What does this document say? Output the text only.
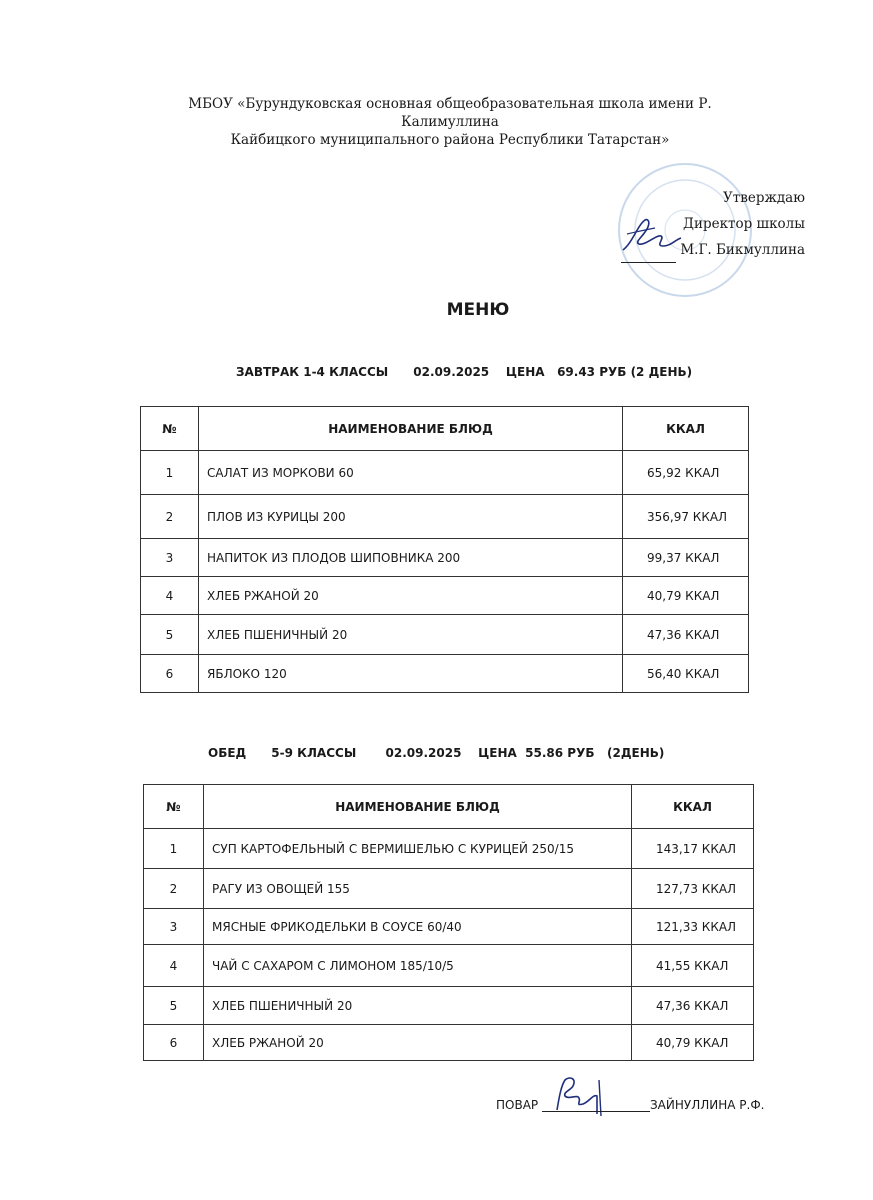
МБОУ «Бурундуковская основная общеобразовательная школа имени Р. Калимуллина
Кайбицкого муниципального района Республики Татарстан»
Утверждаю
Директор школы
М.Г. Бикмуллина
МЕНЮ
ЗАВТРАК 1-4 КЛАССЫ      02.09.2025    ЦЕНА   69.43 РУБ (2 ДЕНЬ)
№	НАИМЕНОВАНИЕ БЛЮД	ККАЛ
1	САЛАТ ИЗ МОРКОВИ 60	65,92 ККАЛ
2	ПЛОВ ИЗ КУРИЦЫ 200	356,97 ККАЛ
3	НАПИТОК ИЗ ПЛОДОВ ШИПОВНИКА 200	99,37 ККАЛ
4	ХЛЕБ РЖАНОЙ 20	40,79 ККАЛ
5	ХЛЕБ ПШЕНИЧНЫЙ 20	47,36 ККАЛ
6	ЯБЛОКО 120	56,40 ККАЛ
ОБЕД      5-9 КЛАССЫ       02.09.2025    ЦЕНА  55.86 РУБ   (2ДЕНЬ)
№	НАИМЕНОВАНИЕ БЛЮД	ККАЛ
1	СУП КАРТОФЕЛЬНЫЙ С ВЕРМИШЕЛЬЮ С КУРИЦЕЙ 250/15	143,17 ККАЛ
2	РАГУ ИЗ ОВОЩЕЙ 155	127,73 ККАЛ
3	МЯСНЫЕ ФРИКОДЕЛЬКИ В СОУСЕ 60/40	121,33 ККАЛ
4	ЧАЙ С САХАРОМ С ЛИМОНОМ 185/10/5	41,55 ККАЛ
5	ХЛЕБ ПШЕНИЧНЫЙ 20	47,36 ККАЛ
6	ХЛЕБ РЖАНОЙ 20	40,79 ККАЛ
ПОВАР	ЗАЙНУЛЛИНА Р.Ф.
